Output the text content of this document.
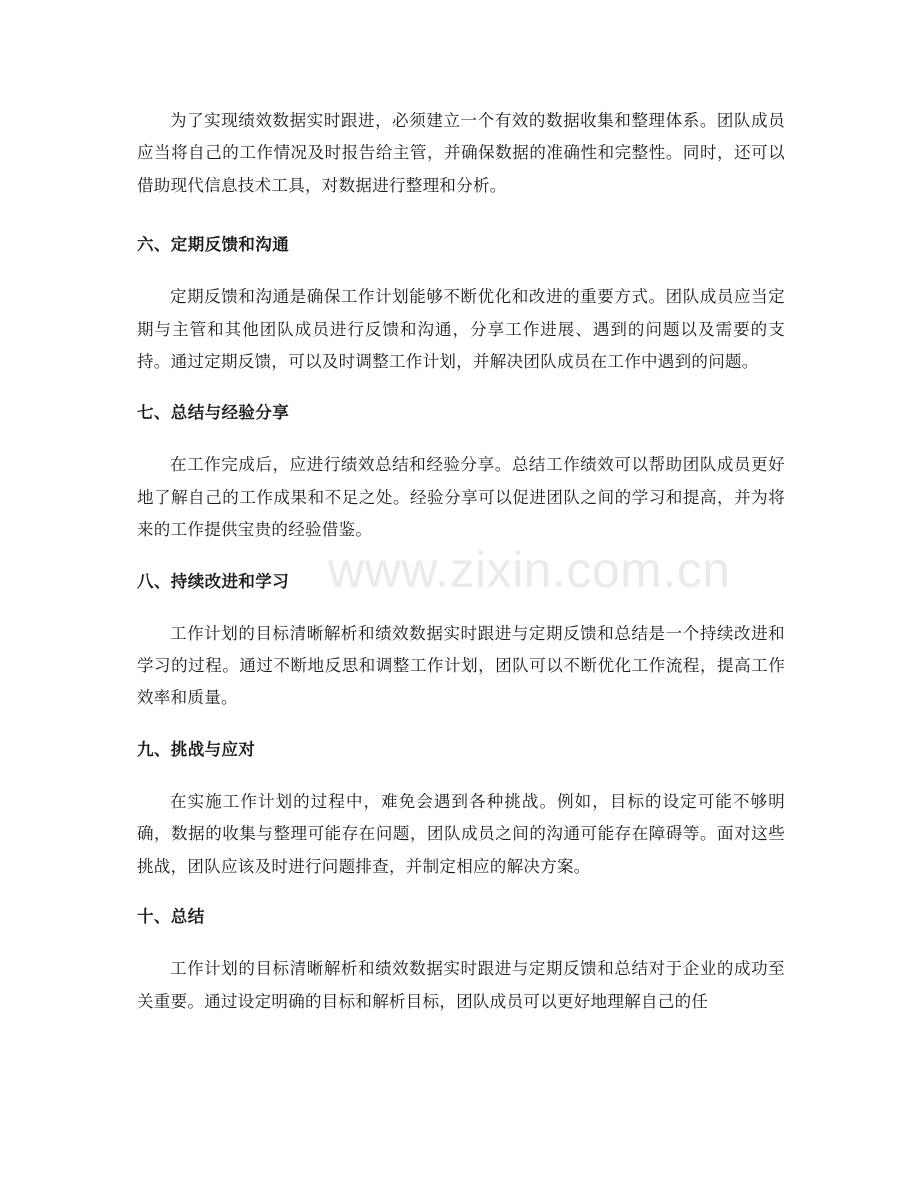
为了实现绩效数据实时跟进，必须建立一个有效的数据收集和整理体系。团队成员应当将自己的工作情况及时报告给主管，并确保数据的准确性和完整性。同时，还可以借助现代信息技术工具，对数据进行整理和分析。

六、定期反馈和沟通

定期反馈和沟通是确保工作计划能够不断优化和改进的重要方式。团队成员应当定期与主管和其他团队成员进行反馈和沟通，分享工作进展、遇到的问题以及需要的支持。通过定期反馈，可以及时调整工作计划，并解决团队成员在工作中遇到的问题。

七、总结与经验分享

在工作完成后，应进行绩效总结和经验分享。总结工作绩效可以帮助团队成员更好地了解自己的工作成果和不足之处。经验分享可以促进团队之间的学习和提高，并为将来的工作提供宝贵的经验借鉴。

八、持续改进和学习

工作计划的目标清晰解析和绩效数据实时跟进与定期反馈和总结是一个持续改进和学习的过程。通过不断地反思和调整工作计划，团队可以不断优化工作流程，提高工作效率和质量。

九、挑战与应对

在实施工作计划的过程中，难免会遇到各种挑战。例如，目标的设定可能不够明确，数据的收集与整理可能存在问题，团队成员之间的沟通可能存在障碍等。面对这些挑战，团队应该及时进行问题排查，并制定相应的解决方案。

十、总结

工作计划的目标清晰解析和绩效数据实时跟进与定期反馈和总结对于企业的成功至关重要。通过设定明确的目标和解析目标，团队成员可以更好地理解自己的任

www.zixin.com.cn
